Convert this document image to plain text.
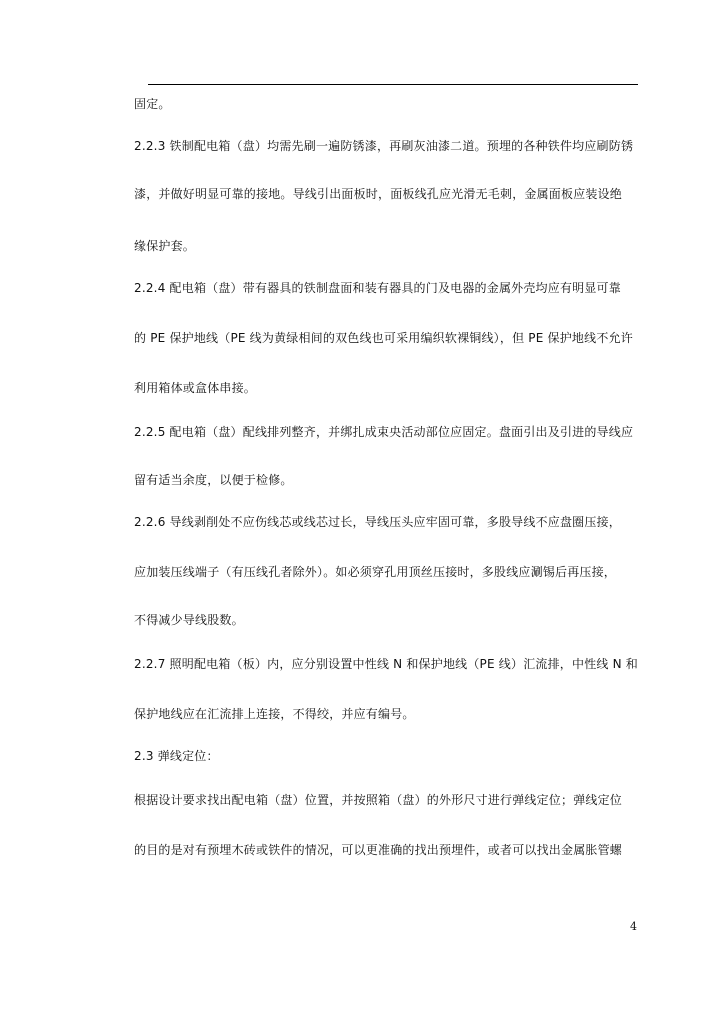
固定。
2.2.3 铁制配电箱（盘）均需先刷一遍防锈漆，再刷灰油漆二道。预埋的各种铁件均应刷防锈
漆，并做好明显可靠的接地。导线引出面板时，面板线孔应光滑无毛刺，金属面板应装设绝
缘保护套。
2.2.4 配电箱（盘）带有器具的铁制盘面和装有器具的门及电器的金属外壳均应有明显可靠
的 PE 保护地线（PE 线为黄绿相间的双色线也可采用编织软裸铜线），但 PE 保护地线不允许
利用箱体或盒体串接。
2.2.5 配电箱（盘）配线排列整齐，并绑扎成束央活动部位应固定。盘面引出及引进的导线应
留有适当余度，以便于检修。
2.2.6 导线剥削处不应伤线芯或线芯过长，导线压头应牢固可靠，多股导线不应盘圈压接，
应加装压线端子（有压线孔者除外）。如必须穿孔用顶丝压接时，多股线应涮锡后再压接，
不得减少导线股数。
2.2.7 照明配电箱（板）内，应分别设置中性线 N 和保护地线（PE 线）汇流排，中性线 N 和
保护地线应在汇流排上连接，不得绞，并应有编号。
2.3 弹线定位：
根据设计要求找出配电箱（盘）位置，并按照箱（盘）的外形尺寸进行弹线定位；弹线定位
的目的是对有预埋木砖或铁件的情况，可以更准确的找出预埋件，或者可以找出金属胀管螺
4
